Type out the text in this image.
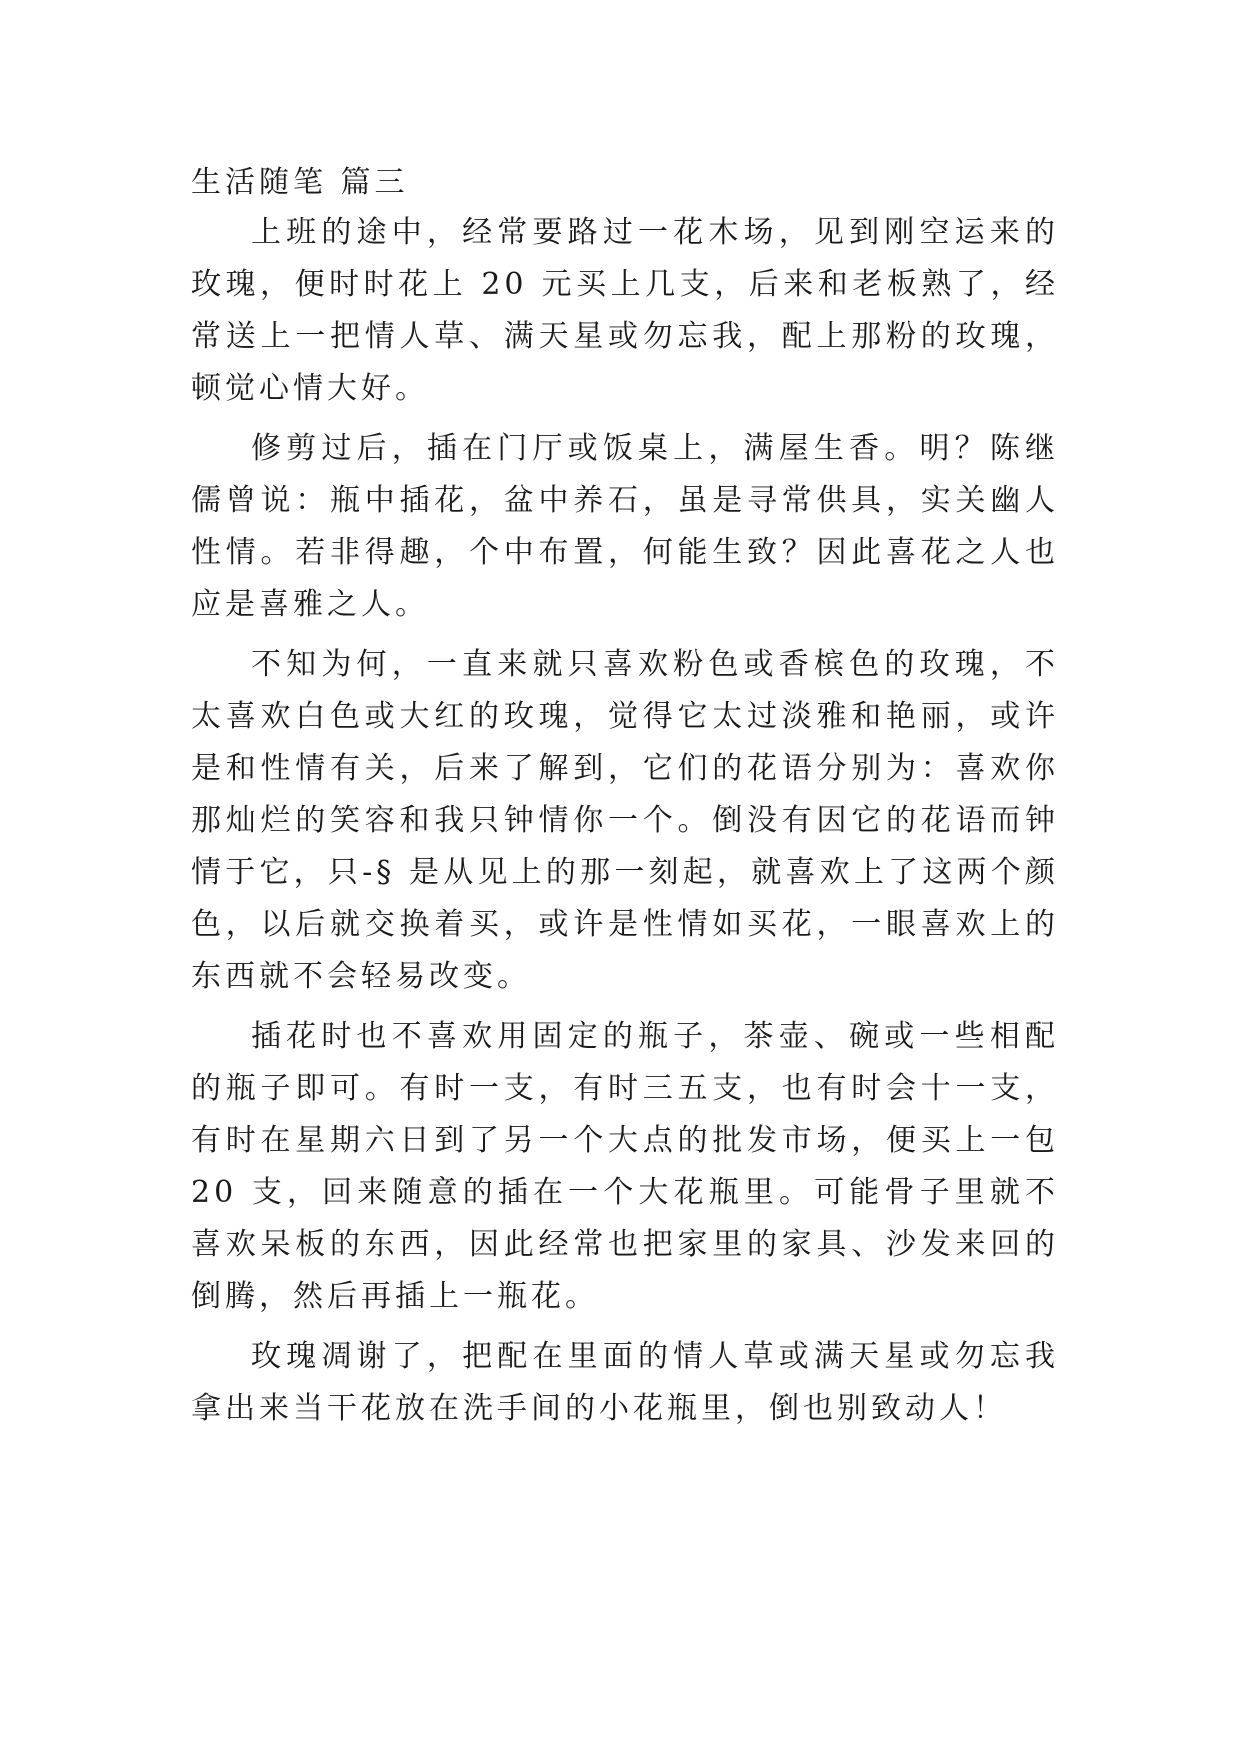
生活随笔 篇三

上班的途中，经常要路过一花木场，见到刚空运来的玫瑰，便时时花上 20 元买上几支，后来和老板熟了，经常送上一把情人草、满天星或勿忘我，配上那粉的玫瑰，顿觉心情大好。

修剪过后，插在门厅或饭桌上，满屋生香。明？陈继儒曾说：瓶中插花，盆中养石，虽是寻常供具，实关幽人性情。若非得趣，个中布置，何能生致？因此喜花之人也应是喜雅之人。

不知为何，一直来就只喜欢粉色或香槟色的玫瑰，不太喜欢白色或大红的玫瑰，觉得它太过淡雅和艳丽，或许是和性情有关，后来了解到，它们的花语分别为：喜欢你那灿烂的笑容和我只钟情你一个。倒没有因它的花语而钟情于它，只-§ 是从见上的那一刻起，就喜欢上了这两个颜色，以后就交换着买，或许是性情如买花，一眼喜欢上的东西就不会轻易改变。

插花时也不喜欢用固定的瓶子，茶壶、碗或一些相配的瓶子即可。有时一支，有时三五支，也有时会十一支，有时在星期六日到了另一个大点的批发市场，便买上一包 20 支，回来随意的插在一个大花瓶里。可能骨子里就不喜欢呆板的东西，因此经常也把家里的家具、沙发来回的倒腾，然后再插上一瓶花。

玫瑰凋谢了，把配在里面的情人草或满天星或勿忘我拿出来当干花放在洗手间的小花瓶里，倒也别致动人！
